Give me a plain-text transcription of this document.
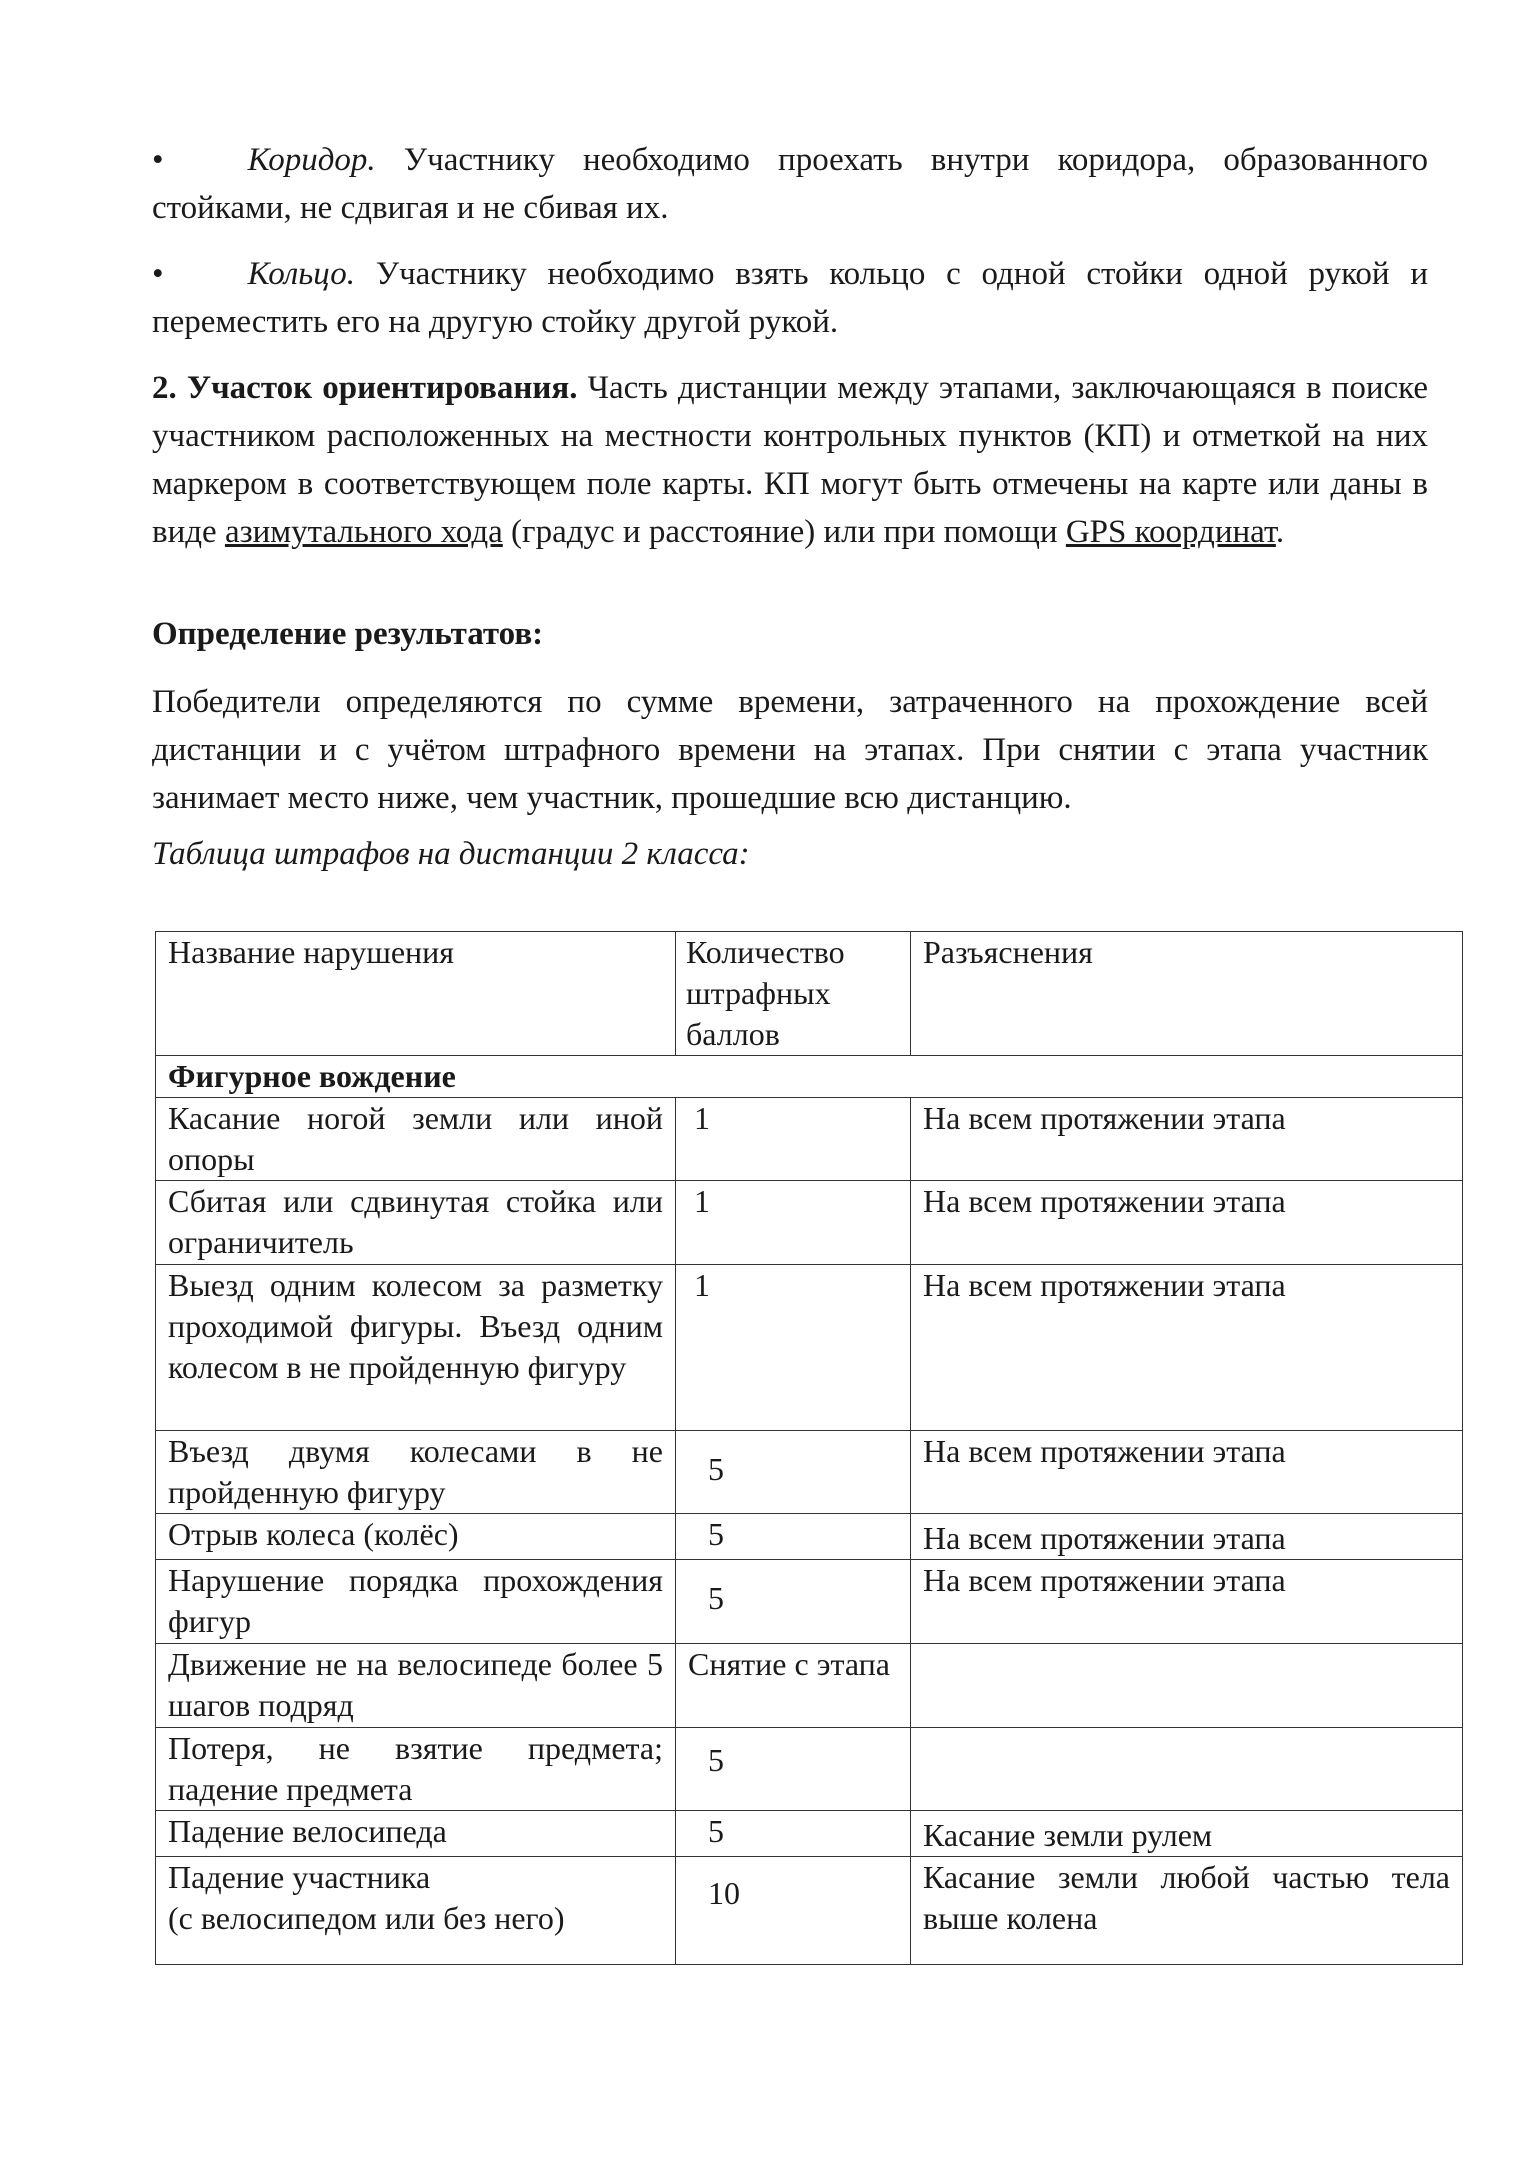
•	Коридор. Участнику необходимо проехать внутри коридора, образованного стойками, не сдвигая и не сбивая их.

•	Кольцо. Участнику необходимо взять кольцо с одной стойки одной рукой и переместить его на другую стойку другой рукой.

2. Участок ориентирования. Часть дистанции между этапами, заключающаяся в поиске участником расположенных на местности контрольных пунктов (КП) и отметкой на них маркером в соответствующем поле карты. КП могут быть отмечены на карте или даны в виде азимутального хода (градус и расстояние) или при помощи GPS координат.

Определение результатов:

Победители определяются по сумме времени, затраченного на прохождение всей дистанции и с учётом штрафного времени на этапах. При снятии с этапа участник занимает место ниже, чем участник, прошедшие всю дистанцию.

Таблица штрафов на дистанции 2 класса:

Название нарушения	Количество штрафных баллов	Разъяснения
Фигурное вождение		
Касание ногой земли или иной опоры	1	На всем протяжении этапа
Сбитая или сдвинутая стойка или ограничитель	1	На всем протяжении этапа
Выезд одним колесом за разметку проходимой фигуры. Въезд одним колесом в не пройденную фигуру	1	На всем протяжении этапа
Въезд двумя колесами в не пройденную фигуру	5	На всем протяжении этапа
Отрыв колеса (колёс)	5	На всем протяжении этапа
Нарушение порядка прохождения фигур	5	На всем протяжении этапа
Движение не на велосипеде более 5 шагов подряд	Снятие с этапа	
Потеря, не взятие предмета; падение предмета	5	
Падение велосипеда	5	Касание земли рулем

Падение участника
(с велосипедом или без него)	10	Касание земли любой частью тела выше колена
